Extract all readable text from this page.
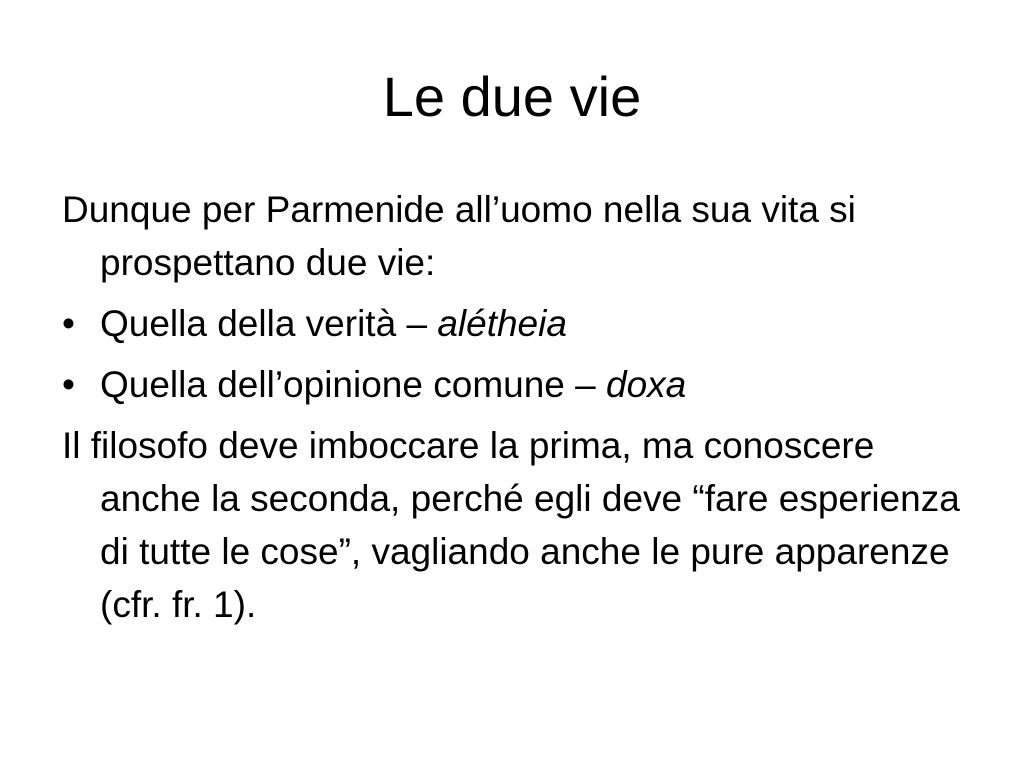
Le due vie

Dunque per Parmenide all’uomo nella sua vita si prospettano due vie:

• Quella della verità – alétheia
• Quella dell’opinione comune – doxa

Il filosofo deve imboccare la prima, ma conoscere anche la seconda, perché egli deve “fare esperienza di tutte le cose”, vagliando anche le pure apparenze (cfr. fr. 1).
